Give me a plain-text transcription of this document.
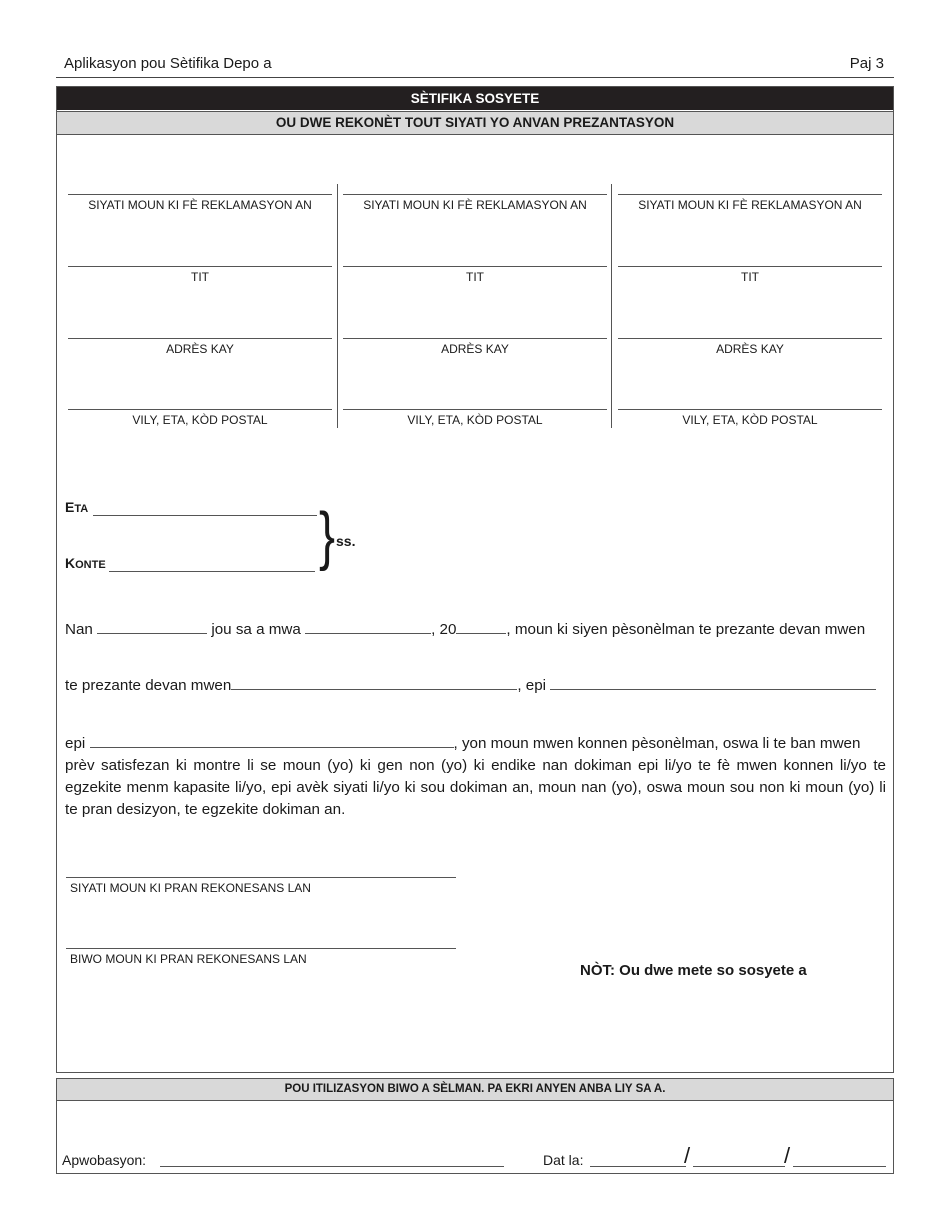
Aplikasyon pou Sètifika Depo a	Paj 3
SÈTIFIKA SOSYETE
OU DWE REKONÈT TOUT SIYATI YO ANVAN PREZANTASYON
SIYATI MOUN KI FÈ REKLAMASYON AN
TIT
ADRÈS KAY
VILY, ETA, KÒD POSTAL
SIYATI MOUN KI FÈ REKLAMASYON AN
TIT
ADRÈS KAY
VILY, ETA, KÒD POSTAL
SIYATI MOUN KI FÈ REKLAMASYON AN
TIT
ADRÈS KAY
VILY, ETA, KÒD POSTAL
ETA
KONTE	} ss.
Nan	jou sa a mwa	, 20	, moun ki siyen pèsonèlman te prezante devan mwen
te prezante devan mwen	, epi
epi	, yon moun mwen konnen pèsonèlman, oswa li te ban mwen
prèv satisfezan ki montre li se moun (yo) ki gen non (yo) ki endike nan dokiman epi li/yo te fè mwen konnen li/yo te egzekite menm kapasite li/yo, epi avèk siyati li/yo ki sou dokiman an, moun nan (yo), oswa moun sou non ki moun (yo) li te pran desizyon, te egzekite dokiman an.
SIYATI MOUN KI PRAN REKONESANS LAN
BIWO MOUN KI PRAN REKONESANS LAN
NÒT: Ou dwe mete so sosyete a
POU ITILIZASYON BIWO A SÈLMAN. PA EKRI ANYEN ANBA LIY SA A.
Apwobasyon:	Dat la:	/	/
